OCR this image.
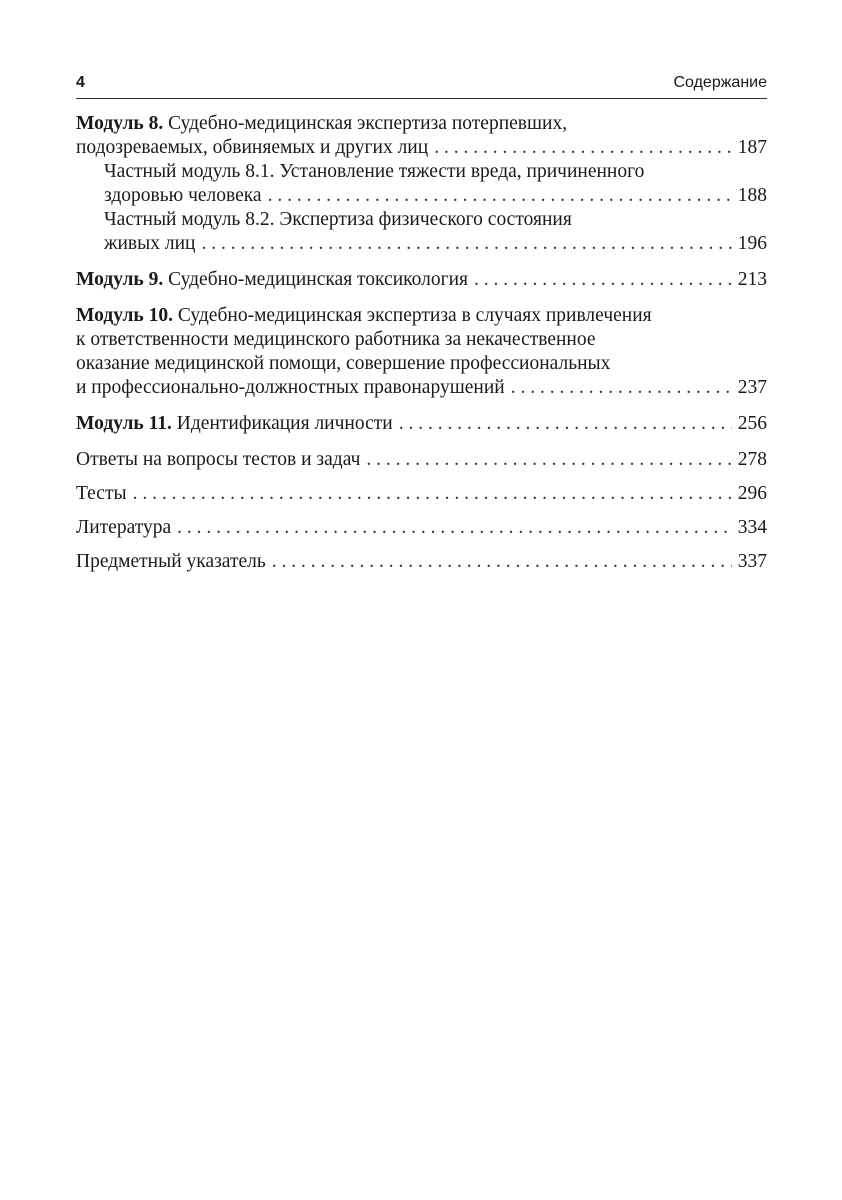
4	Содержание
Модуль 8. Судебно-медицинская экспертиза потерпевших,
подозреваемых, обвиняемых и других лиц . . .	187
Частный модуль 8.1. Установление тяжести вреда, причиненного
здоровью человека . . .	188
Частный модуль 8.2. Экспертиза физического состояния
живых лиц . . .	196
Модуль 9. Судебно-медицинская токсикология . . .	213
Модуль 10. Судебно-медицинская экспертиза в случаях привлечения
к ответственности медицинского работника за некачественное
оказание медицинской помощи, совершение профессиональных
и профессионально-должностных правонарушений . . .	237
Модуль 11. Идентификация личности . . .	256
Ответы на вопросы тестов и задач . . .	278
Тесты . . .	296
Литература . . .	334
Предметный указатель . . .	337
